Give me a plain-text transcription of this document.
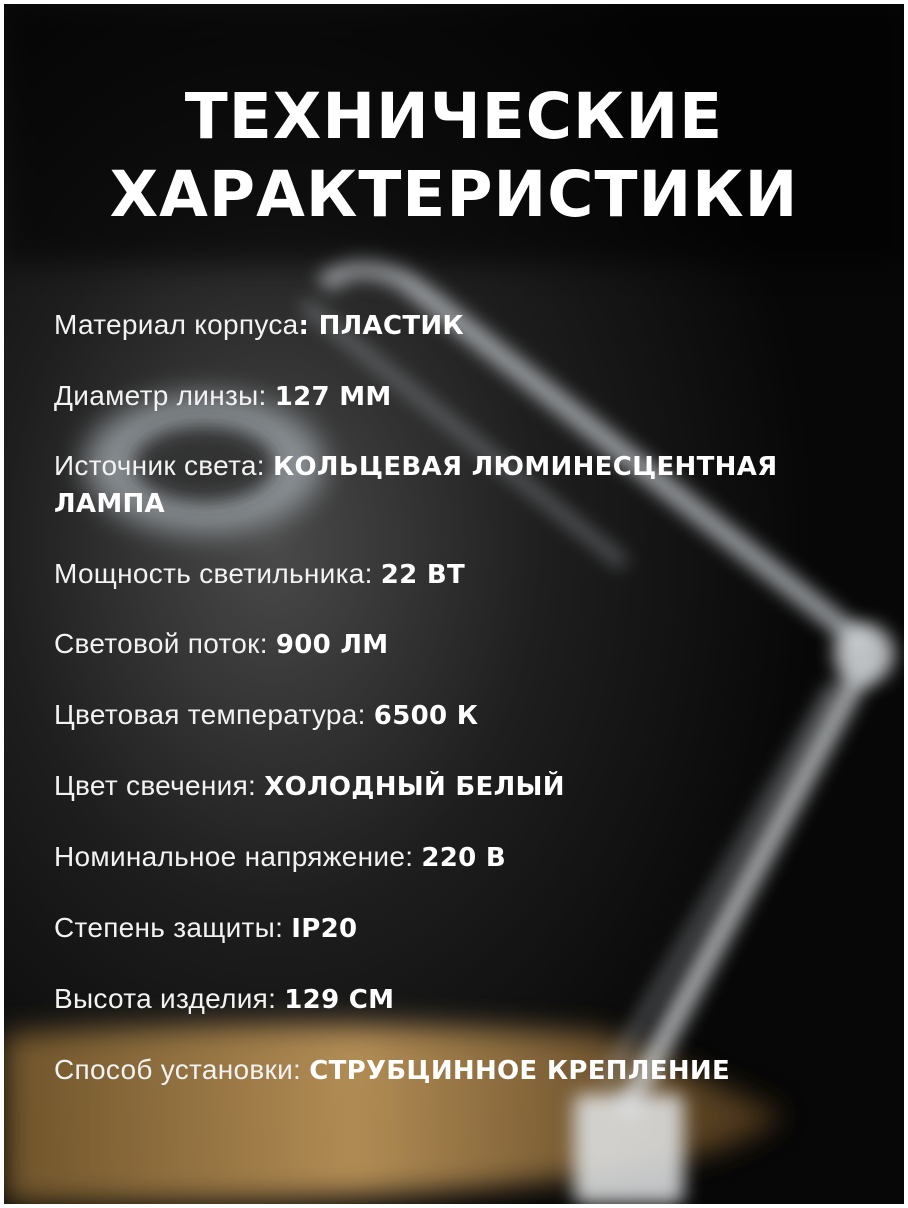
ТЕХНИЧЕСКИЕ
ХАРАКТЕРИСТИКИ
Материал корпуса: ПЛАСТИК
Диаметр линзы: 127 ММ
Источник света: КОЛЬЦЕВАЯ ЛЮМИНЕСЦЕНТНАЯ ЛАМПА
Мощность светильника: 22 ВТ
Световой поток: 900 ЛМ
Цветовая температура: 6500 К
Цвет свечения: ХОЛОДНЫЙ БЕЛЫЙ
Номинальное напряжение: 220 В
Степень защиты: IP20
Высота изделия: 129 СМ
Способ установки: СТРУБЦИННОЕ КРЕПЛЕНИЕ
